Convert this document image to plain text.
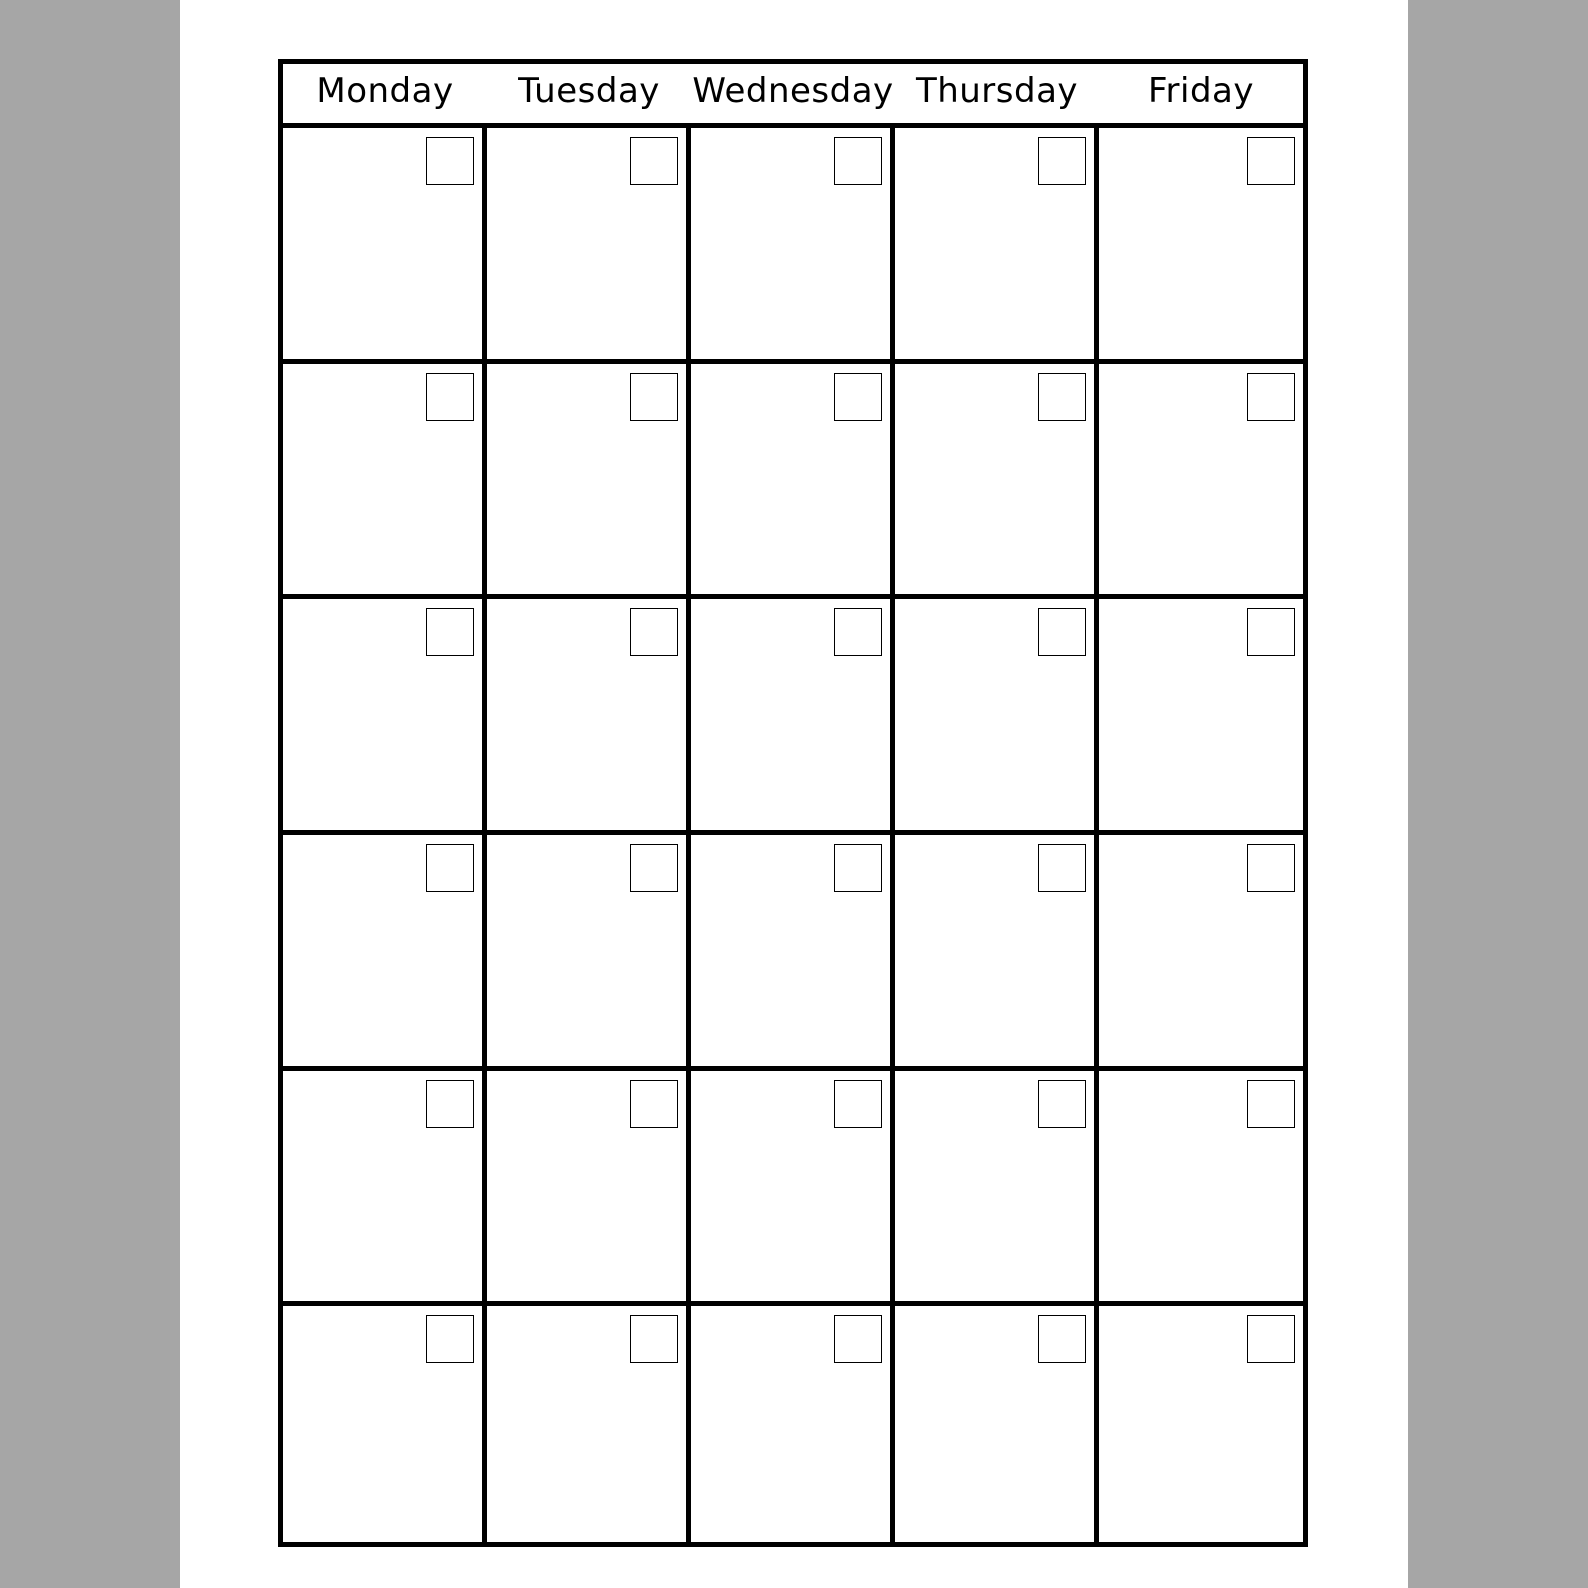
Monday	Tuesday Wednesday Thursday	Friday
